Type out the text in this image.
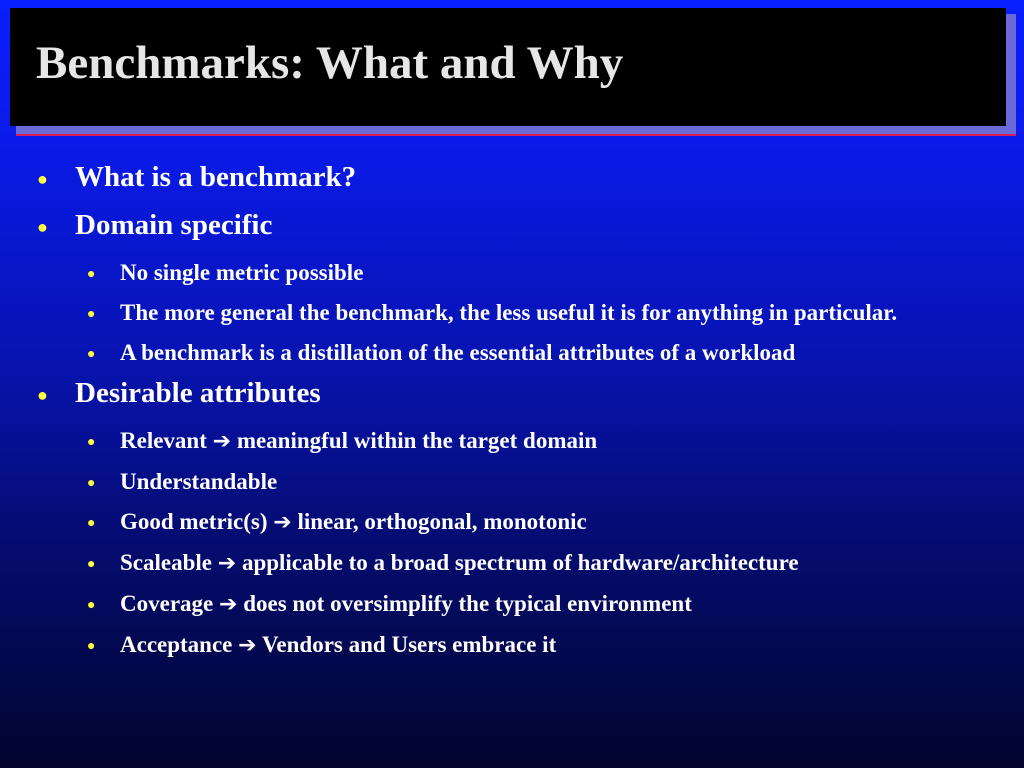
Benchmarks: What and Why
● What is a benchmark?
● Domain specific
● No single metric possible
● The more general the benchmark, the less useful it is for anything in particular.
● A benchmark is a distillation of the essential attributes of a workload
● Desirable attributes
● Relevant ➔ meaningful within the target domain
● Understandable
● Good metric(s) ➔ linear, orthogonal, monotonic
● Scaleable ➔ applicable to a broad spectrum of hardware/architecture
● Coverage ➔ does not oversimplify the typical environment
● Acceptance ➔ Vendors and Users embrace it
